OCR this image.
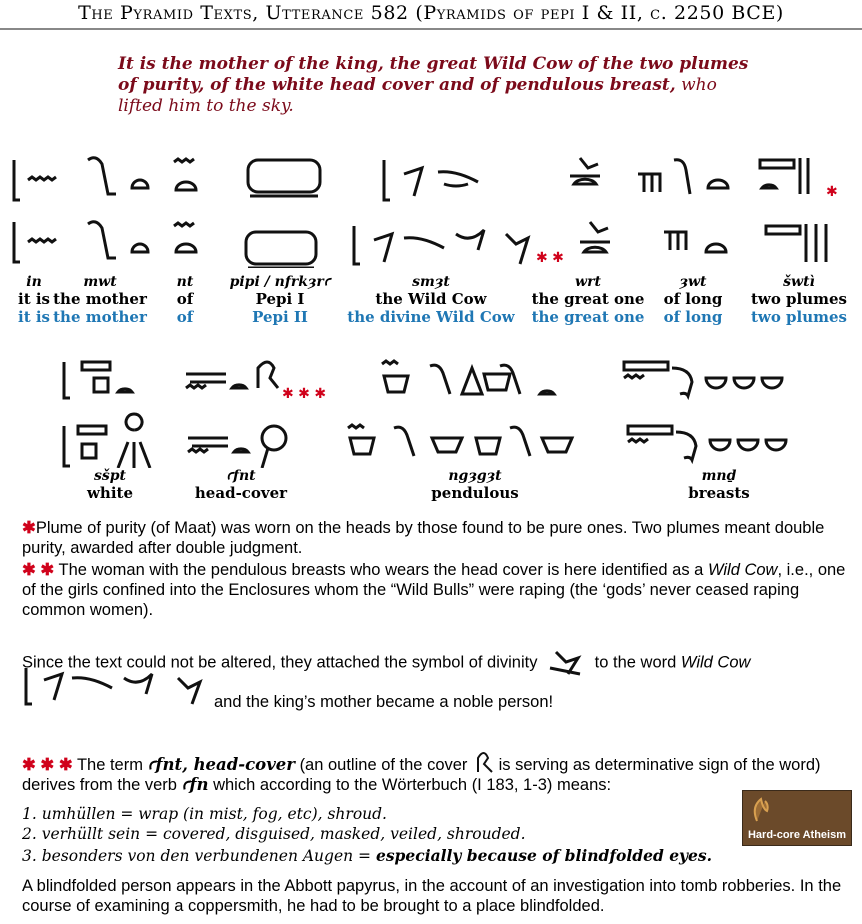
The Pyramid Texts, Utterance 582 (Pyramids of pepi I & II, c. 2250 BCE)
It is the mother of the king, the great Wild Cow of the two plumes of purity, of the white head cover and of pendulous breast, who lifted him to the sky.
✱
✱ ✱
in
it is
it is
mwt
the mother
the mother
nt
of
of
pipi / nfrkȝrꜥ
Pepi I
Pepi II
smȝt
the Wild Cow
the divine Wild Cow
wrt
the great one
the great one
ȝwt
of long
of long
šwtì
two plumes
two plumes
✱ ✱ ✱
sšpt
white
ꜥfnt
head-cover
ngȝgȝt
pendulous
mnḏ
breasts
✱Plume of purity (of Maat) was worn on the heads by those found to be pure ones. Two plumes meant double purity, awarded after double judgment.
✱ ✱ The woman with the pendulous breasts who wears the head cover is here identified as a Wild Cow, i.e., one of the girls confined into the Enclosures whom the “Wild Bulls” were raping (the ‘gods’ never ceased raping common women).
Since the text could not be altered, they attached the symbol of divinity	to the word Wild Cow
and the king’s mother became a noble person!
✱ ✱ ✱ The term ꜥfnt, head-cover (an outline of the cover is serving as determinative sign of the word) derives from the verb ꜥfn which according to the Wörterbuch (I 183, 1-3) means:
1. umhüllen = wrap (in mist, fog, etc), shroud.
2. verhüllt sein = covered, disguised, masked, veiled, shrouded.
3. besonders von den verbundenen Augen = especially because of blindfolded eyes.
Hard-core Atheism
A blindfolded person appears in the Abbott papyrus, in the account of an investigation into tomb robberies. In the course of examining a coppersmith, he had to be brought to a place blindfolded.
